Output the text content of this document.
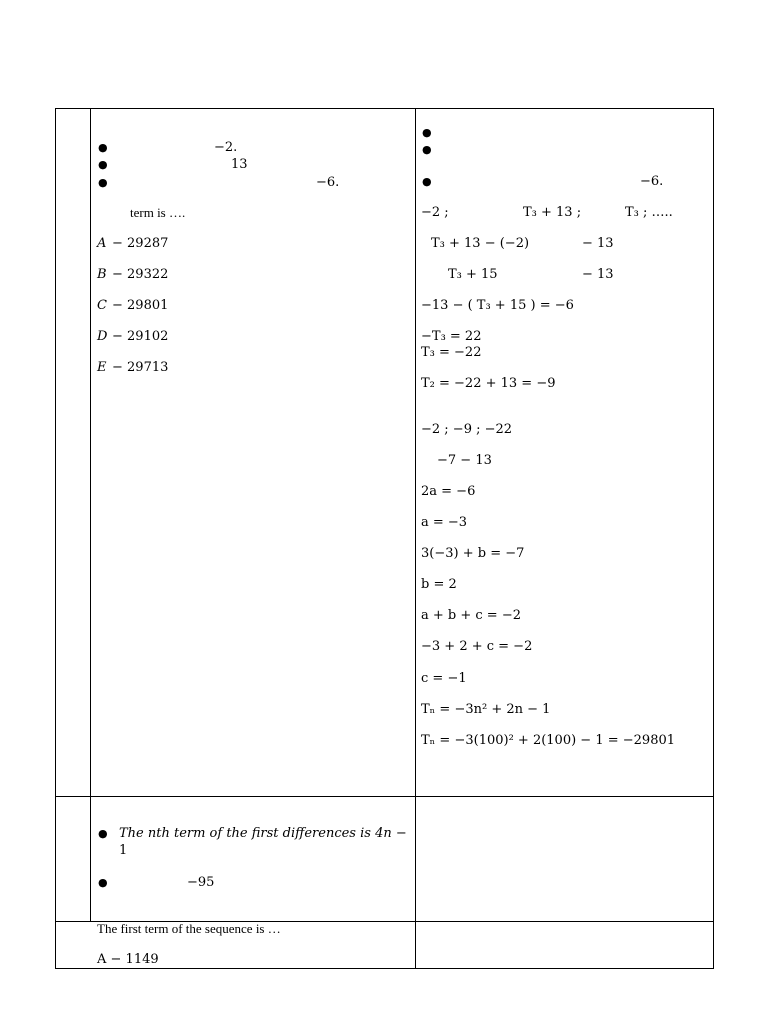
●	−2.
●	13
●	−6.
term is ….
A − 29287
B − 29322
C − 29801
D − 29102
E − 29713
●
●
●	−6.
−2 ;	T₃ + 13 ;	T₃ ; …..
T₃ + 13 − (−2)	− 13
T₃ + 15	− 13
−13 − ( T₃ + 15 ) = −6
−T₃ = 22
T₃ = −22
T₂ = −22 + 13 = −9
−2 ; −9 ; −22
−7 − 13
2a = −6
a = −3
3(−3) + b = −7
b = 2
a + b + c = −2
−3 + 2 + c = −2
c = −1
Tₙ = −3n² + 2n − 1
Tₙ = −3(100)² + 2(100) − 1 = −29801
● The nth term of the first differences is 4n −
1
●	−95
The first term of the sequence is …
A − 1149
